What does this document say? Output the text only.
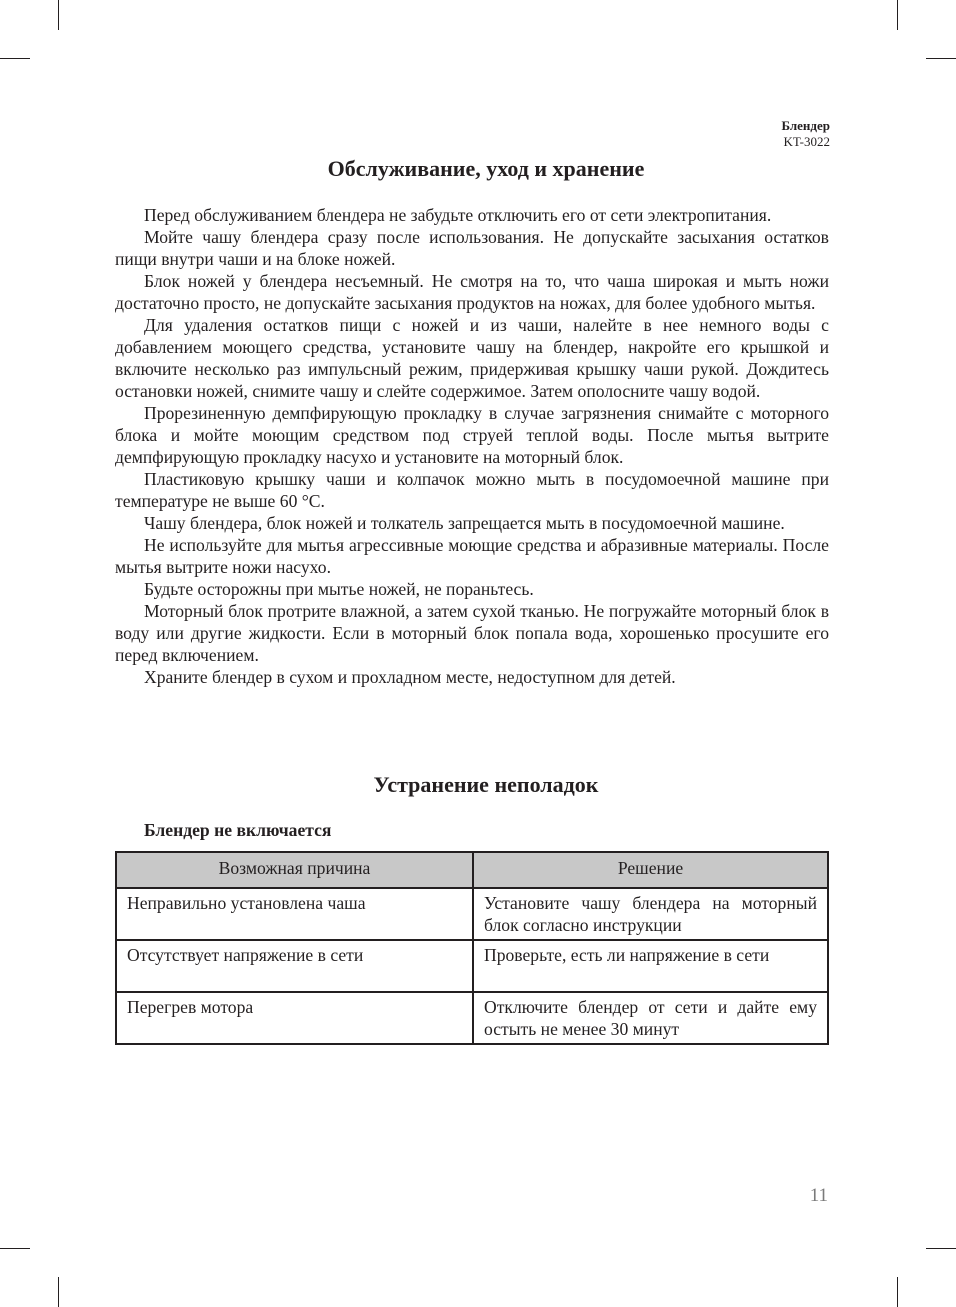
Блендер
KT-3022
Обслуживание, уход и хранение

Перед обслуживанием блендера не забудьте отключить его от сети электропитания.

Мойте чашу блендера сразу после использования. Не допускайте засыхания остатков пищи внутри чаши и на блоке ножей.

Блок ножей у блендера несъемный. Не смотря на то, что чаша широкая и мыть ножи достаточно просто, не допускайте засыхания продуктов на ножах, для более удобного мытья.

Для удаления остатков пищи с ножей и из чаши, налейте в нее немного воды с добавлением моющего средства, установите чашу на блендер, накройте его крышкой и включите несколько раз импульсный режим, придерживая крышку чаши рукой. Дождитесь остановки ножей, снимите чашу и слейте содержимое. Затем ополосните чашу водой.

Прорезиненную демпфирующую прокладку в случае загрязнения снимайте с моторного блока и мойте моющим средством под струей теплой воды. После мытья вытрите демпфирующую прокладку насухо и установите на моторный блок.

Пластиковую крышку чаши и колпачок можно мыть в посудомоечной машине при температуре не выше 60 °С.

Чашу блендера, блок ножей и толкатель запрещается мыть в посудомоечной машине.

Не используйте для мытья агрессивные моющие средства и абразивные материалы. После мытья вытрите ножи насухо.

Будьте осторожны при мытье ножей, не пораньтесь.

Моторный блок протрите влажной, а затем сухой тканью. Не погружайте моторный блок в воду или другие жидкости. Если в моторный блок попала вода, хорошенько просушите его перед включением.

Храните блендер в сухом и прохладном месте, недоступном для детей.

Устранение неполадок
Блендер не включается
Возможная причина	Решение
Неправильно установлена чаша	Установите чашу блендера на моторный блок согласно инструкции
Отсутствует напряжение в сети	Проверьте, есть ли напряжение в сети
Перегрев мотора	Отключите блендер от сети и дайте ему остыть не менее 30 минут
11
